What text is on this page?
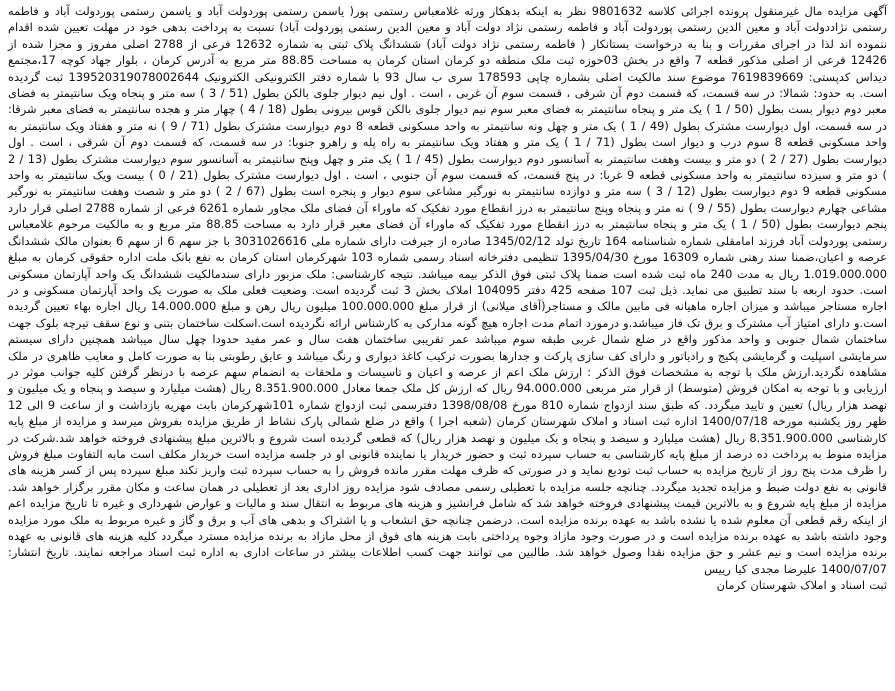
آگهی مزایده مال غیرمنقول پرونده اجرائی کلاسه 9801632 نظر به اینکه بدهکار ورثه غلامعباس رستمی پور( یاسمن رستمی پوردولت آباد و یاسمن رستمی پوردولت آباد و فاطمه رستمی نژاددولت آباد و معین الدین رستمی پوردولت آباد و فاطمه رستمی نژاد دولت آباد و معین الدین رستمی پوردولت آباد) نسبت به پرداخت بدهی خود در مهلت تعیین شده اقدام ننموده اند لذا در اجرای مقررات و بنا به درخواست بستانکار ( فاطمه رستمی نژاد دولت آباد) ششدانگ پلاک ثبتی به شماره 12632 فرعی از 2788 اصلی مفروز و مجزا شده از 12426 فرعی از اصلی مذکور قطعه 7 واقع در بخش 03حوزه ثبت ملک منطقه دو کرمان استان کرمان به مساحت 88.85 متر مربع به آدرس کرمان ، بلوار جهاد کوچه 17،مجتمع دیداس کدپستی: 7619839669 موضوع سند مالکیت اصلی بشماره چاپی 178593 سری ب سال 93 با شماره دفتر الکترونیکی الکترونیک 139520319078002644 ثبت گردیده است. به حدود: شمالا: در سه قسمت، که قسمت دوم آن شرقی ، قسمت سوم آن غربی ، است . اول نیم دیوار جلوی بالکن بطول (51 / 3 ) سه متر و پنجاه ویک سانتیمتر به فضای معبر دوم دیوار بست بطول (50 / 1 ) یک متر و پنجاه سانتیمتر به فضای معبر سوم نیم دیوار جلوی بالکن قوس بیرونی بطول (18 / 4 ) چهار متر و هجده سانتیمتر به فضای معبر شرقا: در سه قسمت، اول دیوارست مشترک بطول (49 / 1 ) یک متر و چهل ونه سانتیمتر به واحد مسکونی قطعه 8 دوم دیوارست مشترک بطول (71 / 9 ) نه متر و هفتاد ویک سانتیمتر به واحد مسکونی قطعه 8 سوم درب و دیوار است بطول (71 / 1 ) یک متر و هفتاد ویک سانتیمتر به راه پله و راهرو جنوبا: در سه قسمت، که قسمت دوم آن شرقی ، است . اول دیوارست بطول (27 / 2 ) دو متر و بیست وهفت سانتیمتر به آسانسور دوم دیوارست بطول (45 / 1 ) یک متر و چهل وپنج سانتیمتر به آسانسور سوم دیوارست مشترک بطول (13 / 2 ) دو متر و سیزده سانتیمتر به واحد مسکونی قطعه 9 غربا: در پنج قسمت، که قسمت سوم آن جنوبی ، است . اول دیوارست مشترک بطول (21 / 0 ) بیست ویک سانتیمتر به واحد مسکونی قطعه 9 دوم دیوارست بطول (12 / 3 ) سه متر و دوازده سانتیمتر به نورگیر مشاعی سوم دیوار و پنجره است بطول (67 / 2 ) دو متر و شصت وهفت سانتیمتر به نورگیر مشاعی چهارم دیوارست بطول (55 / 9 ) نه متر و پنجاه وپنج سانتیمتر به درز انقطاع مورد تفکیک که ماوراء آن فضای ملک مجاور شماره 6261 فرعی از شماره 2788 اصلی قرار دارد پنجم دیوارست بطول (50 / 1 ) یک متر و پنجاه سانتیمتر به درز انقطاع مورد تفکیک که ماوراء آن فضای معبر قرار دارد به مساحت 88.85 متر مربع و به مالکیت مرحوم غلامعباس رستمی پوردولت آباد فرزند امامقلی شماره شناسنامه 164 تاریخ تولد 1345/02/12 صادره از جیرفت دارای شماره ملی 3031026616 با جز سهم 6 از سهم 6 بعنوان مالک ششدانگ عرصه و اعیان،ضمنا سند رهنی شماره 16309 مورخ 1395/04/30 تنظیمی دفترخانه اسناد رسمی شماره 103 شهرکرمان استان کرمان به نفع بانک ملت اداره حقوقی کرمان به مبلغ 1.019.000.000 ریال به مدت 240 ماه ثبت شده است ضمنا پلاک ثبتی فوق الذکر بیمه میباشد. نتیجه کارشناسی: ملک مزبور دارای سندمالکیت ششدانگ یک واحد آپارتمان مسکونی است. حدود اربعه با سند تطبیق می نماید. ذیل ثبت 107 صفحه 425 دفتر 104095 املاک بخش 3 ثبت گردیده است. وضعیت فعلی ملک به صورت یک واحد آپارتمان مسکونی و در اجاره مستاجر میباشد و میزان اجاره ماهیانه فی مابین مالک و مستاجر(آقای میلانی) از قرار مبلغ 100.000.000 میلیون ریال رهن و مبلغ 14.000.000 ریال اجاره بهاء تعیین گردیده است.و دارای امتیاز آب مشترک و برق تک فاز میباشد.و درمورد اتمام مدت اجاره هیچ گونه مدارکی به کارشناس ارائه نگردیده است.اسکلت ساختمان بتنی و نوع سقف تیرچه بلوک جهت ساختمان شمال جنوبی و واحد مذکور واقع در ضلع شمال غربی طبقه سوم میباشد عمر تقریبی ساختمان هفت سال و عمر مفید حدودا چهل سال میباشد همچنین دارای سیستم سرمایشی اسپلیت و گرمایشی پکیج و رادیاتور و دارای کف سازی پارکت و جدارها بصورت ترکیب کاغذ دیواری و رنگ میباشد و عایق رطوبتی بنا به صورت کامل و معایب ظاهری در ملک مشاهده نگردید.ارزش ملک با توجه به مشخصات فوق الذکر : ارزش ملک اعم از عرصه و اعیان و تاسیسات و ملحقات به انضمام سهم عرصه با درنظر گرفتن کلیه جوانب موثر در ارزیابی و با توجه به امکان فروش (متوسط) از قرار متر مربعی 94.000.000 ریال که ارزش کل ملک جمعا معادل 8.351.900.000 ریال (هشت میلیارد و سیصد و پنجاه و یک میلیون و نهصد هزار ریال) تعیین و تایید میگردد. که طبق سند ازدواج شماره 810 مورخ 1398/08/08 دفترسمی ثبت ازدواج شماره 101شهرکرمان بابت مهریه بازداشت و از ساعت 9 الی 12 ظهر روز یکشنبه مورخه 1400/07/18 اداره ثبت اسناد و املاک شهرستان کرمان (شعبه اجرا ) واقع در ضلع شمالی پارک نشاط از طریق مزایده بفروش میرسد و مزایده از مبلغ پایه کارشناسی 8.351.900.000 ریال (هشت میلیارد و سیصد و پنجاه و یک میلیون و نهصد هزار ریال) که قطعی گردیده است شروع و بالاترین مبلغ پیشنهادی فروخته خواهد شد.شرکت در مزایده منوط به پرداخت ده درصد از مبلغ پایه کارشناسی به حساب سپرده ثبت و حضور خریدار یا نماینده قانونی او در جلسه مزایده است خریدار مکلف است مابه التفاوت مبلغ فروش را ظرف مدت پنج روز از تاریخ مزایده به حساب ثبت تودیع نماید و در صورتی که ظرف مهلت مقرر مانده فروش را به حساب سپرده ثبت واریز نکند مبلغ سپرده پس از کسر هزینه های قانونی به نفع دولت ضبط و مزایده تجدید میگردد. چنانچه جلسه مزایده با تعطیلی رسمی مصادف شود مزایده روز اداری بعد از تعطیلی در همان ساعت و مکان مقرر برگزار خواهد شد. مزایده از مبلغ پایه شروع و به بالاترین قیمت پیشنهادی فروخته خواهد شد که شامل فرانشیز و هزینه های مربوط به انتقال سند و مالیات و عوارض شهرداری و غیره تا تاریخ مزایده اعم از اینکه رقم قطعی آن معلوم شده یا نشده باشد به عهده برنده مزایده است. درضمن چنانچه حق انشعاب و یا اشتراک و بدهی های آب و برق و گاز و غیره مربوط به ملک مورد مزایده وجود داشته باشد به عهده برنده مزایده است و در صورت وجود مازاد وجوه پرداختی بابت هزینه های فوق از محل مازاد به برنده مزایده مسترد میگردد کلیه هزینه های قانونی به عهده برنده مزایده است و نیم عشر و حق مزایده نقدا وصول خواهد شد. طالبین می توانند جهت کسب اطلاعات بیشتر در ساعات اداری به اداره ثبت اسناد مراجعه نمایند. تاریخ انتشار: 1400/07/07 علیرضا مجدی کیا رییس
ثبت اسناد و املاک شهرستان کرمان
